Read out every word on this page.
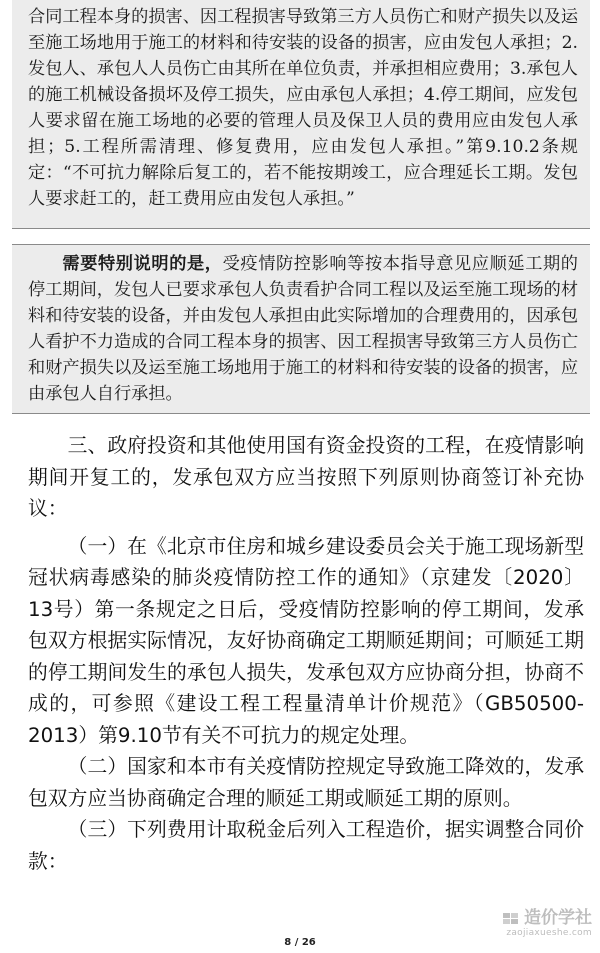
合同工程本身的损害、因工程损害导致第三方人员伤亡和财产损失以及运至施工场地用于施工的材料和待安装的设备的损害，应由发包人承担；2.发包人、承包人人员伤亡由其所在单位负责，并承担相应费用；3.承包人的施工机械设备损坏及停工损失，应由承包人承担；4.停工期间，应发包人要求留在施工场地的必要的管理人员及保卫人员的费用应由发包人承担；5.工程所需清理、修复费用，应由发包人承担。”第9.10.2条规定：“不可抗力解除后复工的，若不能按期竣工，应合理延长工期。发包人要求赶工的，赶工费用应由发包人承担。”

需要特别说明的是，受疫情防控影响等按本指导意见应顺延工期的停工期间，发包人已要求承包人负责看护合同工程以及运至施工现场的材料和待安装的设备，并由发包人承担由此实际增加的合理费用的，因承包人看护不力造成的合同工程本身的损害、因工程损害导致第三方人员伤亡和财产损失以及运至施工场地用于施工的材料和待安装的设备的损害，应由承包人自行承担。

三、政府投资和其他使用国有资金投资的工程，在疫情影响期间开复工的，发承包双方应当按照下列原则协商签订补充协议：

（一）在《北京市住房和城乡建设委员会关于施工现场新型冠状病毒感染的肺炎疫情防控工作的通知》（京建发〔2020〕13号）第一条规定之日后，受疫情防控影响的停工期间，发承包双方根据实际情况，友好协商确定工期顺延期间；可顺延工期的停工期间发生的承包人损失，发承包双方应协商分担，协商不成的，可参照《建设工程工程量清单计价规范》（GB50500-2013）第9.10节有关不可抗力的规定处理。

（二）国家和本市有关疫情防控规定导致施工降效的，发承包双方应当协商确定合理的顺延工期或顺延工期的原则。

（三）下列费用计取税金后列入工程造价，据实调整合同价款：

造价学社
zaojiaxueshe.com
8 / 26
